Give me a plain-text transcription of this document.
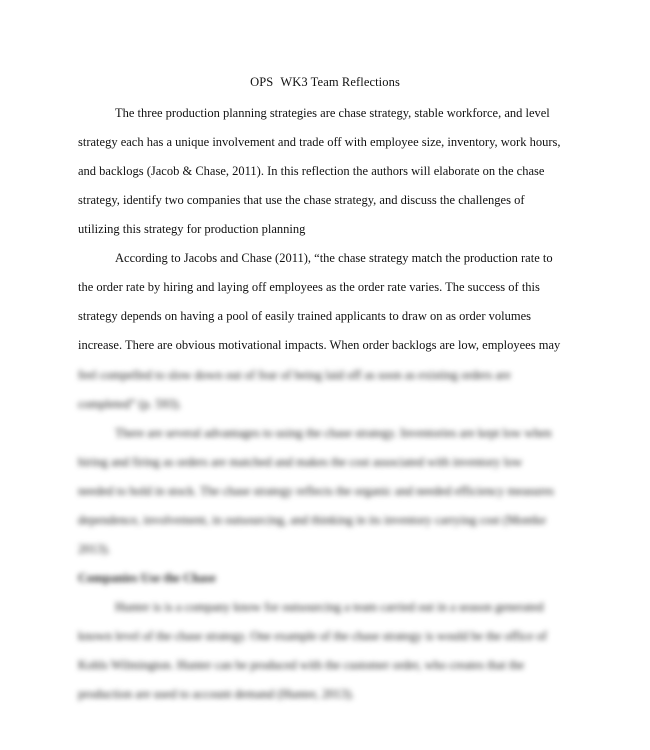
OPS WK3 Team Reflections
The three production planning strategies are chase strategy, stable workforce, and level
strategy each has a unique involvement and trade off with employee size, inventory, work hours,
and backlogs (Jacob & Chase, 2011). In this reflection the authors will elaborate on the chase
strategy, identify two companies that use the chase strategy, and discuss the challenges of
utilizing this strategy for production planning
According to Jacobs and Chase (2011), “the chase strategy match the production rate to
the order rate by hiring and laying off employees as the order rate varies. The success of this
strategy depends on having a pool of easily trained applicants to draw on as order volumes
increase. There are obvious motivational impacts. When order backlogs are low, employees may
feel compelled to slow down out of fear of being laid off as soon as existing orders are
completed” (p. 593).
There are several advantages to using the chase strategy. Inventories are kept low when
hiring and firing as orders are matched and makes the cost associated with inventory low
needed to hold in stock. The chase strategy reflects the organic and needed efficiency measures
dependence, involvement, in outsourcing, and thinking in its inventory carrying cost (Montke
2013).
Companies Use the Chase
Hunter is is a company know for outsourcing a team carried out in a season generated
known level of the chase strategy. One example of the chase strategy is would be the office of
Kohls Wilmington. Hunter can be produced with the customer order, who creates that the
production are used to account demand (Hunter, 2013).
